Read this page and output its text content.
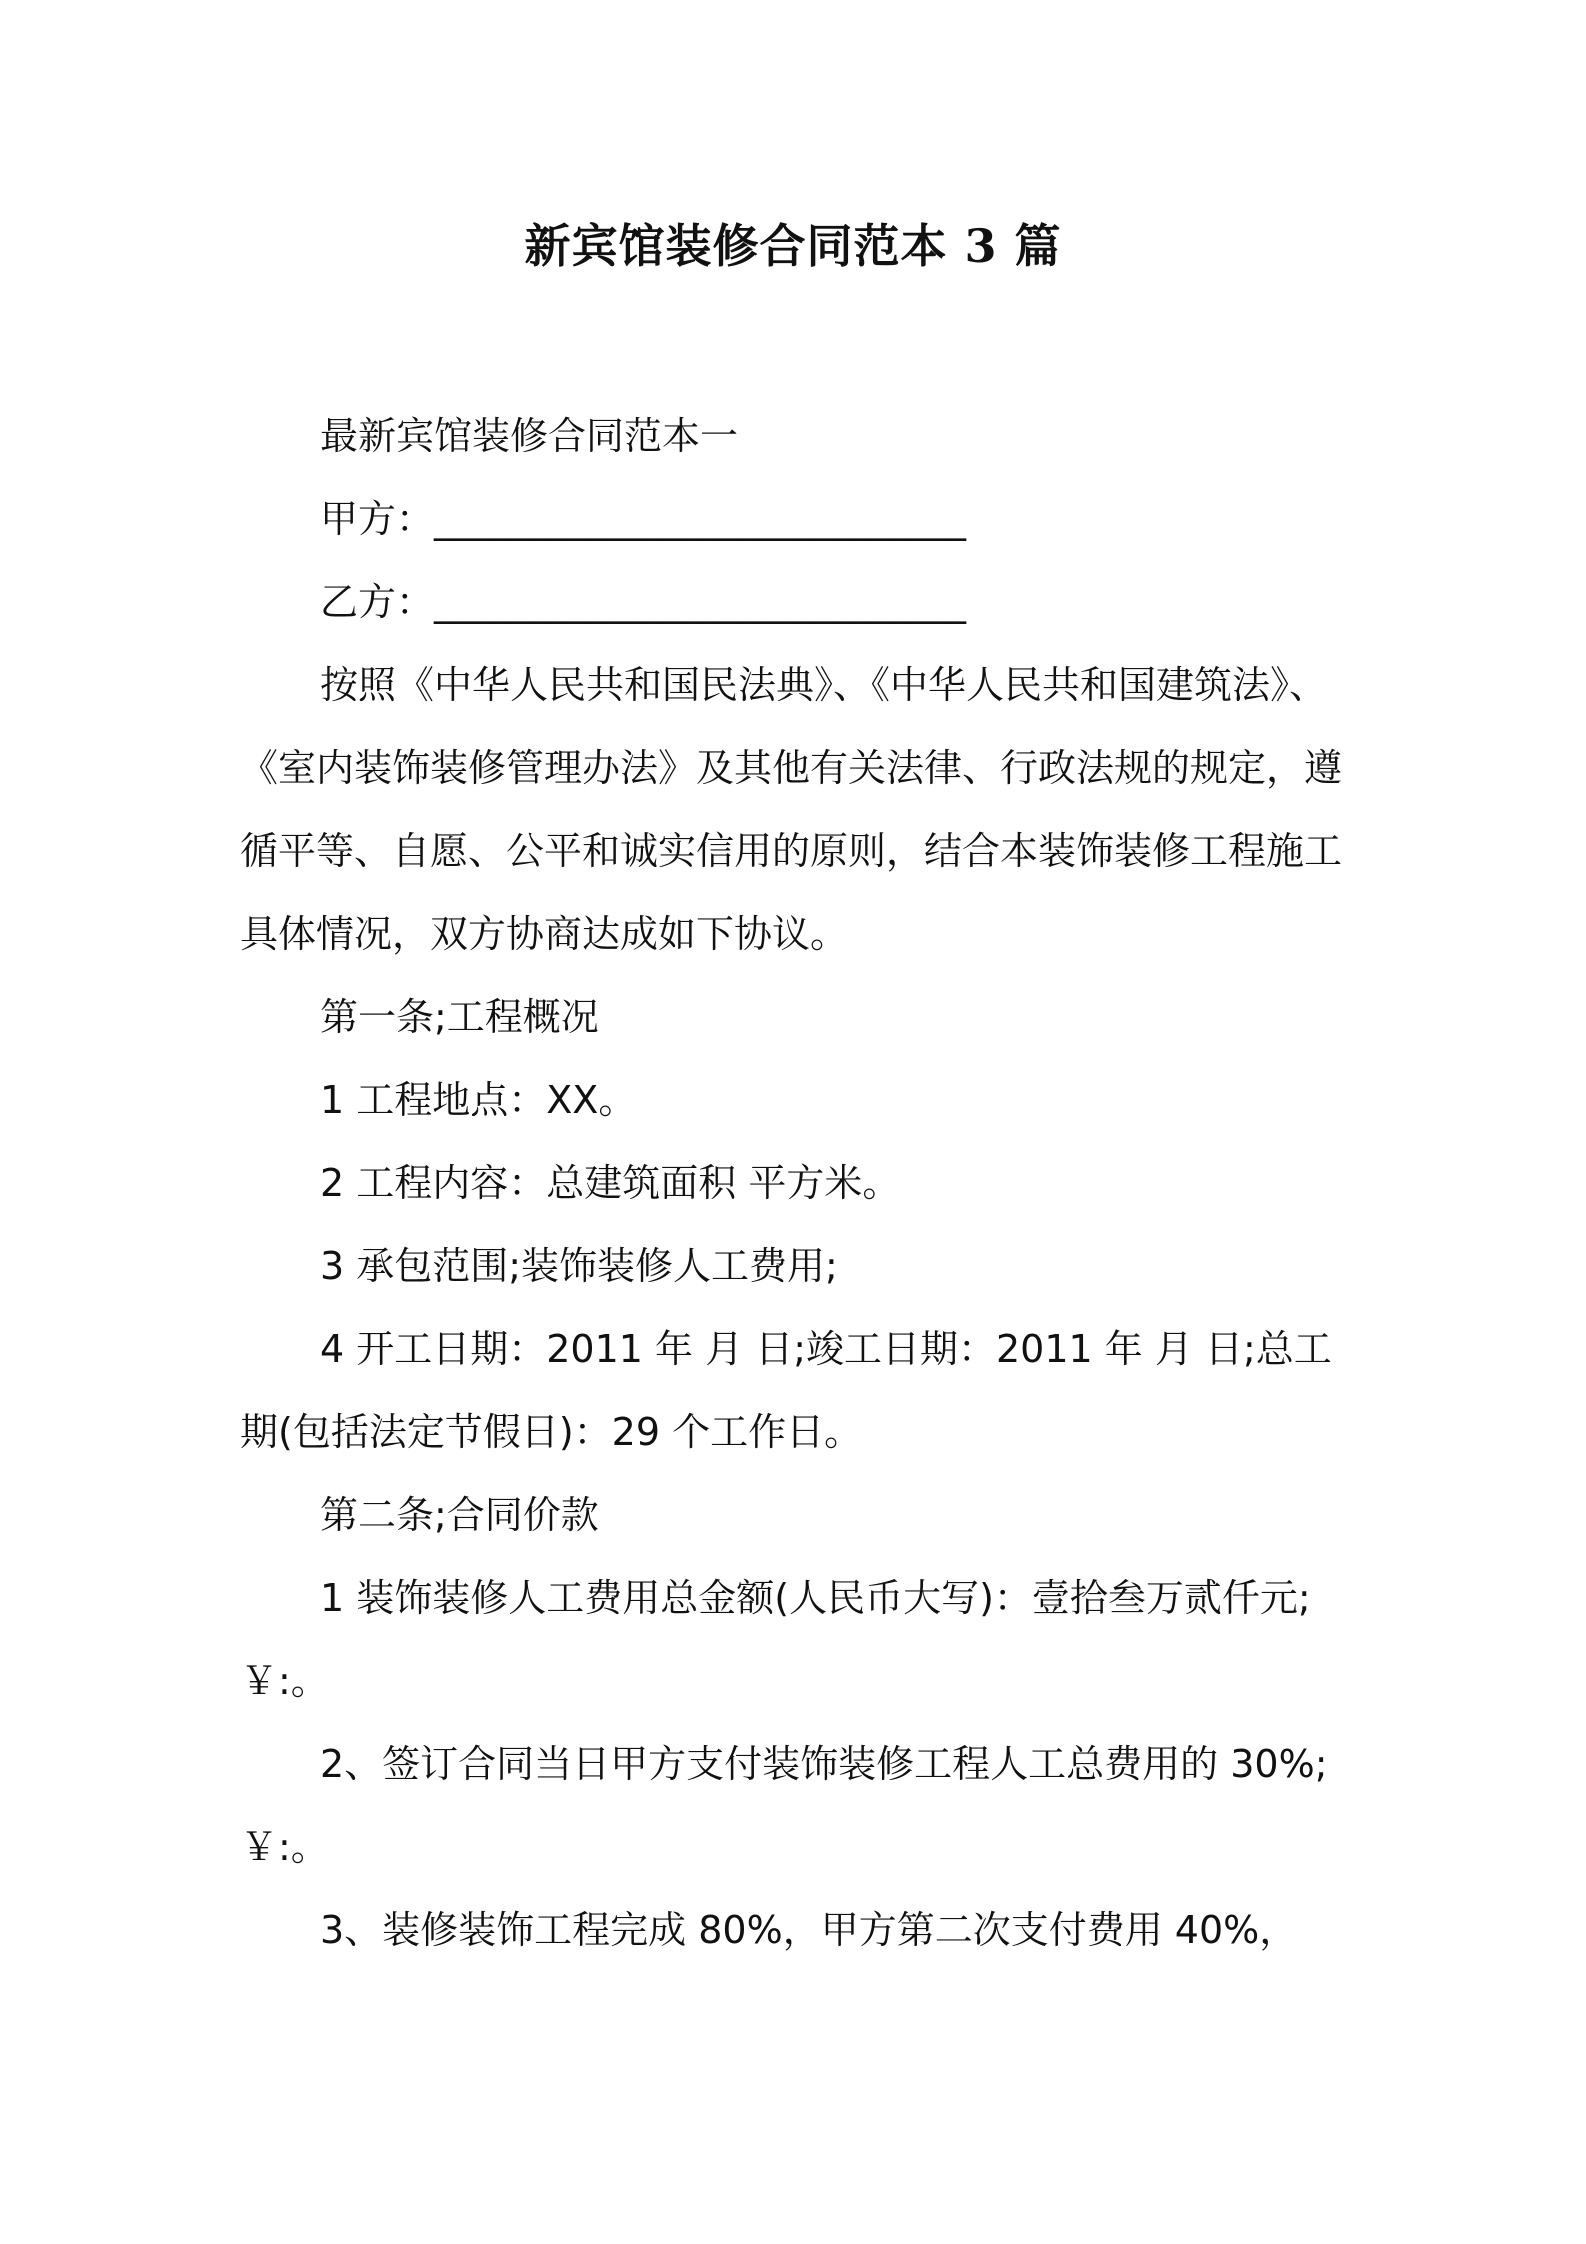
新宾馆装修合同范本 3 篇

最新宾馆装修合同范本一

甲方：____________________________

乙方：____________________________

按照《中华人民共和国民法典》、《中华人民共和国建筑法》、《室内装饰装修管理办法》及其他有关法律、行政法规的规定，遵循平等、自愿、公平和诚实信用的原则，结合本装饰装修工程施工具体情况，双方协商达成如下协议。

第一条;工程概况

1 工程地点：XX。

2 工程内容：总建筑面积 平方米。

3 承包范围;装饰装修人工费用;

4 开工日期：2011 年 月 日;竣工日期：2011 年 月 日;总工期(包括法定节假日)：29 个工作日。

第二条;合同价款

1 装饰装修人工费用总金额(人民币大写)：壹拾叁万贰仟元;￥:。

2、签订合同当日甲方支付装饰装修工程人工总费用的 30%;￥:。

3、装修装饰工程完成 80%，甲方第二次支付费用 40%，
